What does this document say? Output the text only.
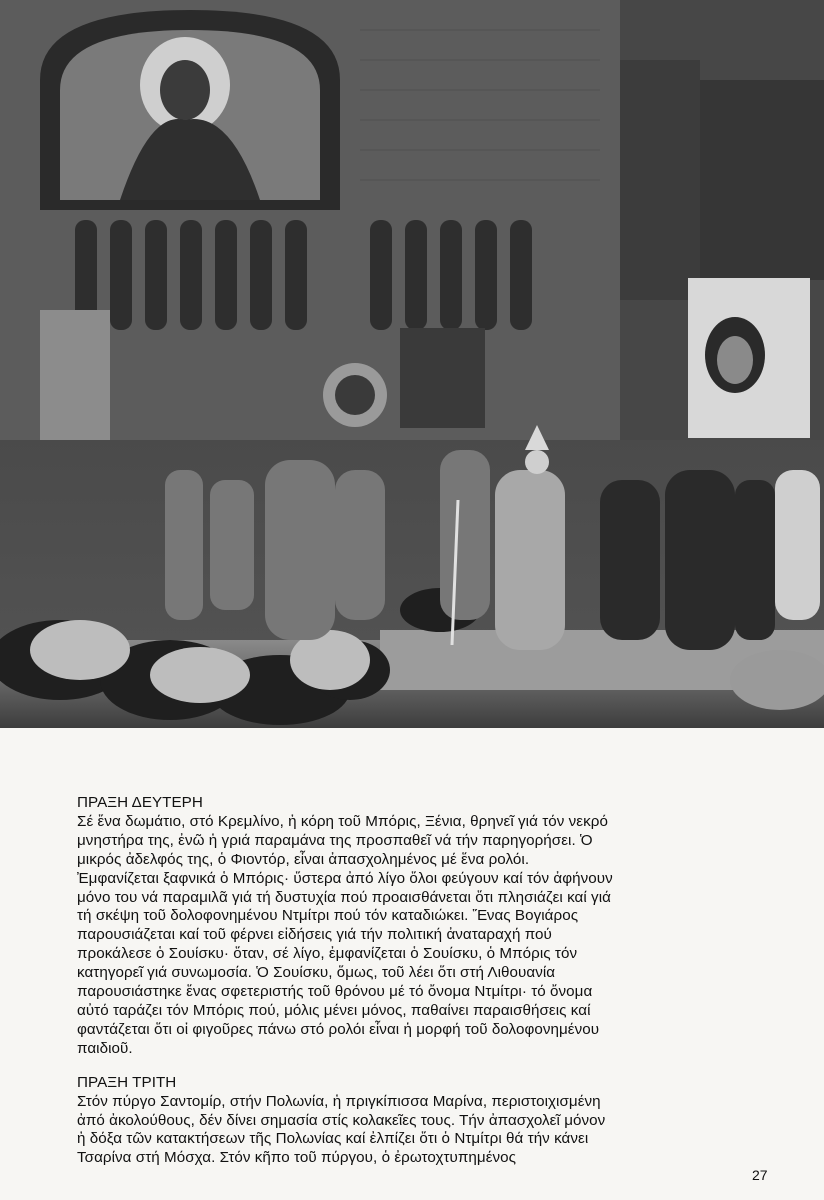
ΠΡΑΞΗ ΔΕΥΤΕΡΗ
Σέ ἕνα δωμάτιο, στό Κρεμλίνο, ἡ κόρη τοῦ Μπόρις, Ξένια, θρηνεῖ γιά τόν νεκρό
μνηστήρα της, ἐνῶ ἡ γριά παραμάνα της προσπαθεῖ νά τήν παρηγορήσει. Ὁ
μικρός ἀδελφός της, ὁ Φιοντόρ, εἶναι ἀπασχολημένος μέ ἕνα ρολόι.
Ἐμφανίζεται ξαφνικά ὁ Μπόρις· ὕστερα ἀπό λίγο ὅλοι φεύγουν καί τόν ἀφήνουν
μόνο του νά παραμιλᾶ γιά τή δυστυχία πού προαισθάνεται ὅτι πλησιάζει καί γιά
τή σκέψη τοῦ δολοφονημένου Ντμίτρι πού τόν καταδιώκει. Ἕνας Βογιάρος
παρουσιάζεται καί τοῦ φέρνει εἰδήσεις γιά τήν πολιτική ἀναταραχή πού
προκάλεσε ὁ Σουίσκυ· ὅταν, σέ λίγο, ἐμφανίζεται ὁ Σουίσκυ, ὁ Μπόρις τόν
κατηγορεῖ γιά συνωμοσία. Ὁ Σουίσκυ, ὅμως, τοῦ λέει ὅτι στή Λιθουανία
παρουσιάστηκε ἕνας σφετεριστής τοῦ θρόνου μέ τό ὄνομα Ντμίτρι· τό ὄνομα
αὐτό ταράζει τόν Μπόρις πού, μόλις μένει μόνος, παθαίνει παραισθήσεις καί
φαντάζεται ὅτι οἱ φιγοῦρες πάνω στό ρολόι εἶναι ἡ μορφή τοῦ δολοφονημένου
παιδιοῦ.
ΠΡΑΞΗ ΤΡΙΤΗ
Στόν πύργο Σαντομίρ, στήν Πολωνία, ἡ πριγκίπισσα Μαρίνα, περιστοιχισμένη
ἀπό ἀκολούθους, δέν δίνει σημασία στίς κολακεῖες τους. Τήν ἀπασχολεῖ μόνον
ἡ δόξα τῶν κατακτήσεων τῆς Πολωνίας καί ἐλπίζει ὅτι ὁ Ντμίτρι θά τήν κάνει
Τσαρίνα στή Μόσχα. Στόν κῆπο τοῦ πύργου, ὁ ἐρωτοχτυπημένος
27
